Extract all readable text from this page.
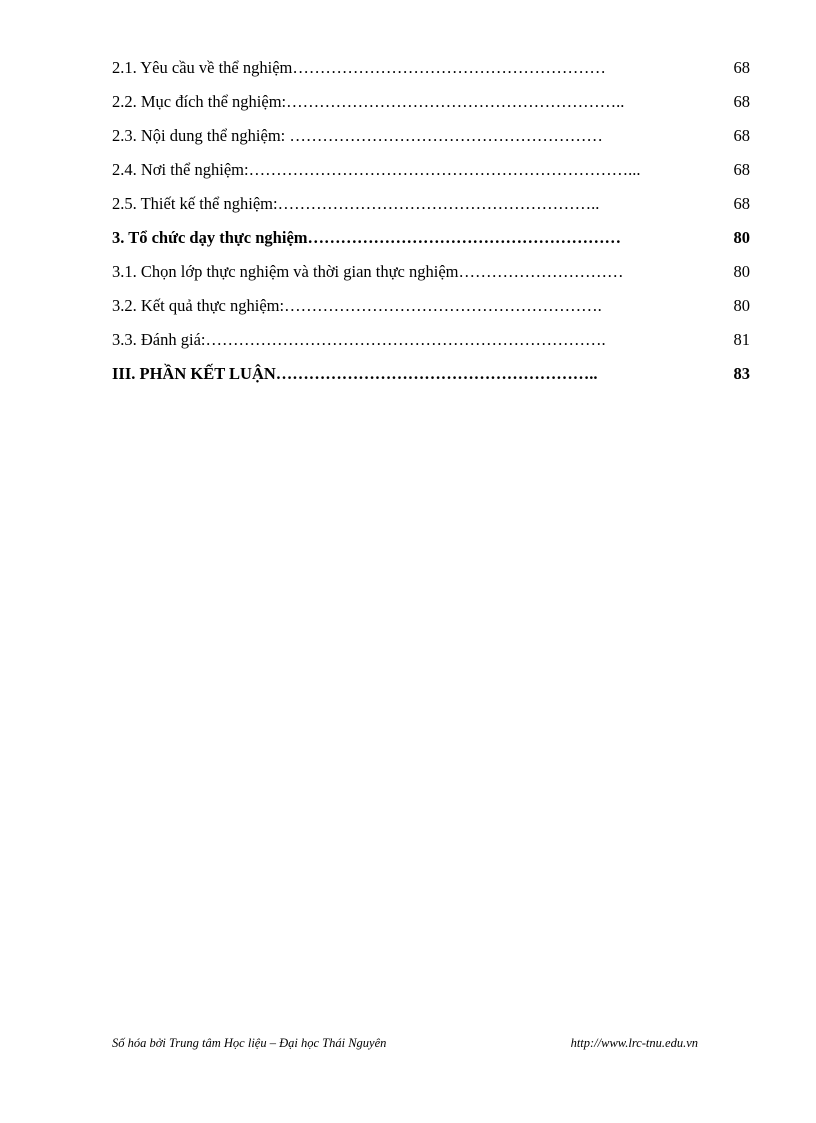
2.1. Yêu cầu về thể nghiệm…………………………………………………	68
2.2. Mục đích thể nghiệm:……………………………………………………..	68
2.3. Nội dung thể nghiệm: …………………………………………………	68
2.4. Nơi thể nghiệm:……………………………………………………………...	68
2.5. Thiết kế thể nghiệm:…………………………………………………..	68
3. Tổ chức dạy thực nghiệm…………………………………………………	80
3.1. Chọn lớp thực nghiệm và thời gian thực nghiệm…………………………	80
3.2. Kết quả thực nghiệm:………………………………………………….	80
3.3. Đánh giá:……………………………………………………………….	81
III. PHẦN KẾT LUẬN…………………………………………………..	83
Số hóa bởi Trung tâm Học liệu – Đại học Thái Nguyên	http://www.lrc-tnu.edu.vn
